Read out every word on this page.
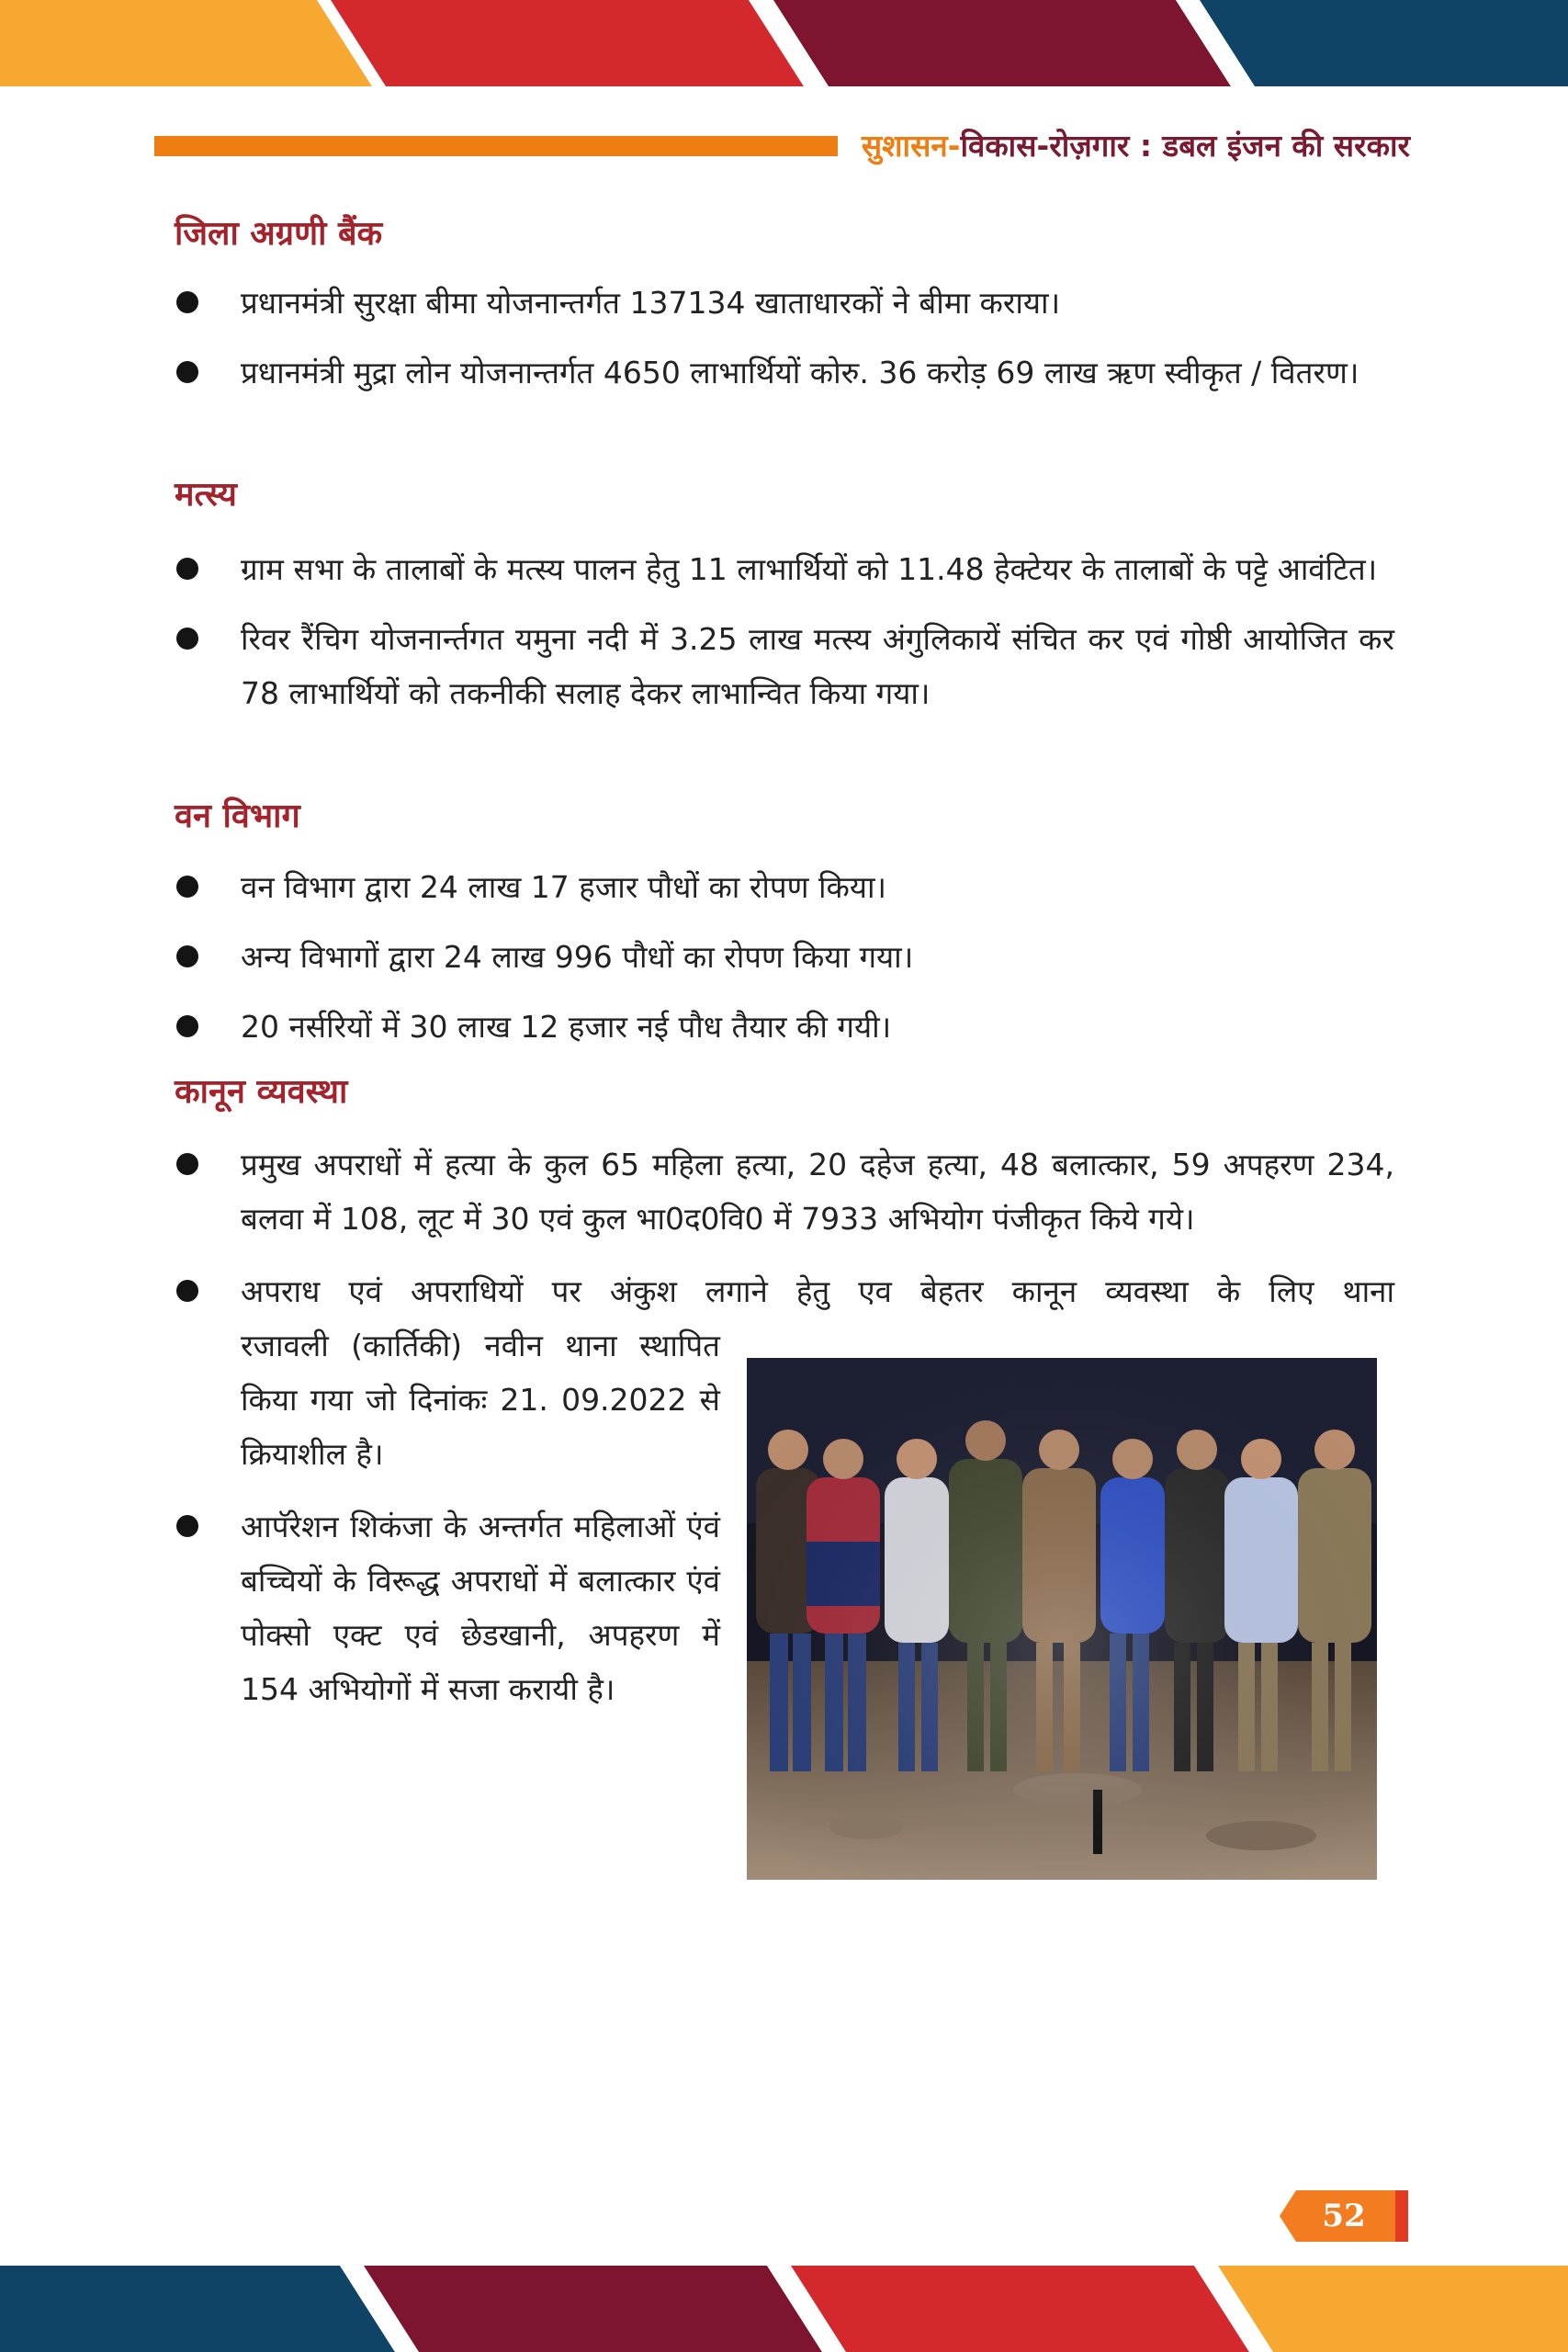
सुशासन-विकास-रोज़गार : डबल इंजन की सरकार
जिला अग्रणी बैंक
प्रधानमंत्री सुरक्षा बीमा योजनान्तर्गत 137134 खाताधारकों ने बीमा कराया।
प्रधानमंत्री मुद्रा लोन योजनान्तर्गत 4650 लाभार्थियों कोरु. 36 करोड़ 69 लाख ऋण स्वीकृत / वितरण।
मत्स्य
ग्राम सभा के तालाबों के मत्स्य पालन हेतु 11 लाभार्थियों को 11.48 हेक्टेयर के तालाबों के पट्टे आवंटित।
रिवर रैंचिग योजनार्न्तगत यमुना नदी में 3.25 लाख मत्स्य अंगुलिकायें संचित कर एवं गोष्ठी आयोजित कर 78 लाभार्थियों को तकनीकी सलाह देकर लाभान्वित किया गया।
वन विभाग
वन विभाग द्वारा 24 लाख 17 हजार पौधों का रोपण किया।
अन्य विभागों द्वारा 24 लाख 996 पौधों का रोपण किया गया।
20 नर्सरियों में 30 लाख 12 हजार नई पौध तैयार की गयी।
कानून व्यवस्था
प्रमुख अपराधों में हत्या के कुल 65 महिला हत्या, 20 दहेज हत्या, 48 बलात्कार, 59 अपहरण 234, बलवा में 108, लूट में 30 एवं कुल भा0द0वि0 में 7933 अभियोग पंजीकृत किये गये।
अपराध एवं अपराधियों पर अंकुश लगाने हेतु एव बेहतर कानून व्यवस्था के लिए थाना
रजावली (कार्तिकी) नवीन थाना स्थापित किया गया जो दिनांकः 21. 09.2022 से क्रियाशील है।
आपॅरेशन शिकंजा के अन्तर्गत महिलाओं एंवं बच्चियों के विरूद्ध अपराधों में बलात्कार एंवं पोक्सो एक्ट एवं छेडखानी, अपहरण में 154 अभियोगों में सजा करायी है।
52
